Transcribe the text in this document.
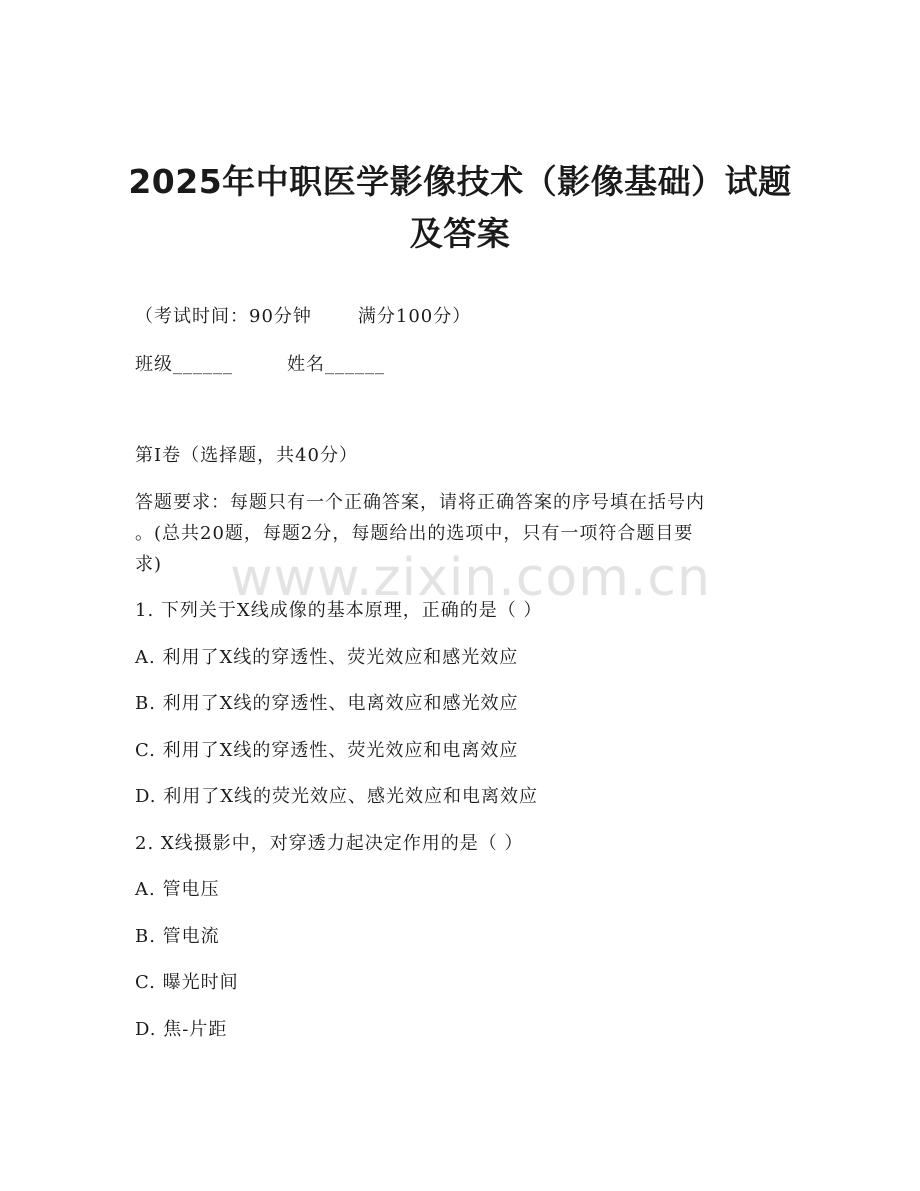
2025年中职医学影像技术（影像基础）试题
及答案
（考试时间：90分钟	满分100分）
班级______	姓名______
第I卷（选择题，共40分）
答题要求：每题只有一个正确答案，请将正确答案的序号填在括号内
。(总共20题，每题2分，每题给出的选项中，只有一项符合题目要
求) www.zixin.com.cn
1. 下列关于X线成像的基本原理，正确的是（ ）
A. 利用了X线的穿透性、荧光效应和感光效应
B. 利用了X线的穿透性、电离效应和感光效应
C. 利用了X线的穿透性、荧光效应和电离效应
D. 利用了X线的荧光效应、感光效应和电离效应
2. X线摄影中，对穿透力起决定作用的是（ ）
A. 管电压
B. 管电流
C. 曝光时间
D. 焦-片距
